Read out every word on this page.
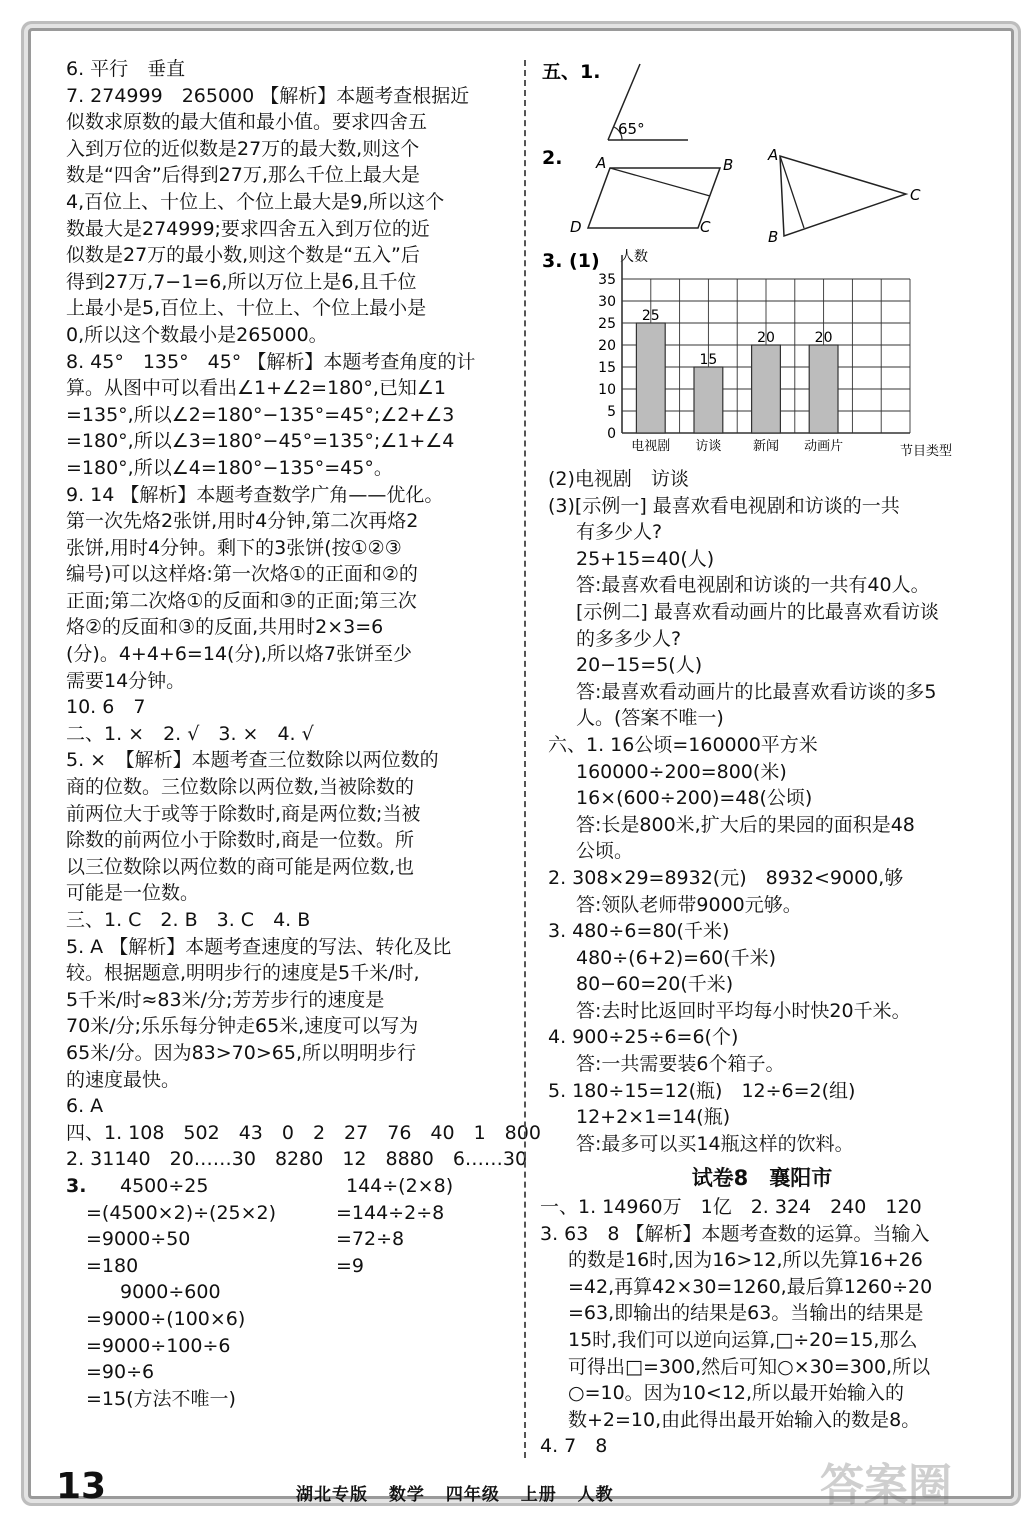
6. 平行　垂直
7. 274999　265000 【解析】本题考查根据近
似数求原数的最大值和最小值。要求四舍五
入到万位的近似数是27万的最大数,则这个
数是“四舍”后得到27万,那么千位上最大是
4,百位上、十位上、个位上最大是9,所以这个
数最大是274999;要求四舍五入到万位的近
似数是27万的最小数,则这个数是“五入”后
得到27万,7−1=6,所以万位上是6,且千位
上最小是5,百位上、十位上、个位上最小是
0,所以这个数最小是265000。
8. 45°　135°　45° 【解析】本题考查角度的计
算。从图中可以看出∠1+∠2=180°,已知∠1
=135°,所以∠2=180°−135°=45°;∠2+∠3
=180°,所以∠3=180°−45°=135°;∠1+∠4
=180°,所以∠4=180°−135°=45°。
9. 14 【解析】本题考查数学广角——优化。
第一次先烙2张饼,用时4分钟,第二次再烙2
张饼,用时4分钟。剩下的3张饼(按①②③
编号)可以这样烙:第一次烙①的正面和②的
正面;第二次烙①的反面和③的正面;第三次
烙②的反面和③的反面,共用时2×3=6
(分)。4+4+6=14(分),所以烙7张饼至少
需要14分钟。
10. 6　7
二、1. ×　2. √　3. ×　4. √
5. ×　【解析】本题考查三位数除以两位数的
商的位数。三位数除以两位数,当被除数的
前两位大于或等于除数时,商是两位数;当被
除数的前两位小于除数时,商是一位数。所
以三位数除以两位数的商可能是两位数,也
可能是一位数。
三、1. C　2. B　3. C　4. B
5. A 【解析】本题考查速度的写法、转化及比
较。根据题意,明明步行的速度是5千米/时,
5千米/时≈83米/分;芳芳步行的速度是
70米/分;乐乐每分钟走65米,速度可以写为
65米/分。因为83>70>65,所以明明步行
的速度最快。
6. A
四、1. 108　502　43　0　2　27　76　40　1　800
2. 31140　20……30　8280　12　8880　6……30
3.	4500÷25	144÷(2×8)
=(4500×2)÷(25×2)	=144÷2÷8
=9000÷50	=72÷8
=180	=9
9000÷600
=9000÷(100×6)
=9000÷100÷6
=90÷6
=15(方法不唯一)
五、1.
65°
2. A	B
C
D
A
B
C
3. (1) 人数
节目类型
25
15
20	20
0
5
10
15
20
25
30
35
电视剧 访谈 新闻 动画片
(2)电视剧　访谈
(3)[示例一] 最喜欢看电视剧和访谈的一共
有多少人?
25+15=40(人)
答:最喜欢看电视剧和访谈的一共有40人。
[示例二] 最喜欢看动画片的比最喜欢看访谈
的多多少人?
20−15=5(人)
答:最喜欢看动画片的比最喜欢看访谈的多5
人。(答案不唯一)
六、1. 16公顷=160000平方米
160000÷200=800(米)
16×(600÷200)=48(公顷)
答:长是800米,扩大后的果园的面积是48
公顷。
2. 308×29=8932(元)　8932<9000,够
答:领队老师带9000元够。
3. 480÷6=80(千米)
480÷(6+2)=60(千米)
80−60=20(千米)
答:去时比返回时平均每小时快20千米。
4. 900÷25÷6=6(个)
答:一共需要装6个箱子。
5. 180÷15=12(瓶)　12÷6=2(组)
12+2×1=14(瓶)
答:最多可以买14瓶这样的饮料。
试卷8　襄阳市
一、1. 14960万　1亿　2. 324　240　120
3. 63　8 【解析】本题考查数的运算。当输入
的数是16时,因为16>12,所以先算16+26
=42,再算42×30=1260,最后算1260÷20
=63,即输出的结果是63。当输出的结果是
15时,我们可以逆向运算,□÷20=15,那么
可得出□=300,然后可知○×30=300,所以
○=10。因为10<12,所以最开始输入的
数+2=10,由此得出最开始输入的数是8。
4. 7　8
13	湖北专版 数学 四年级 上册 人教	答案圈
